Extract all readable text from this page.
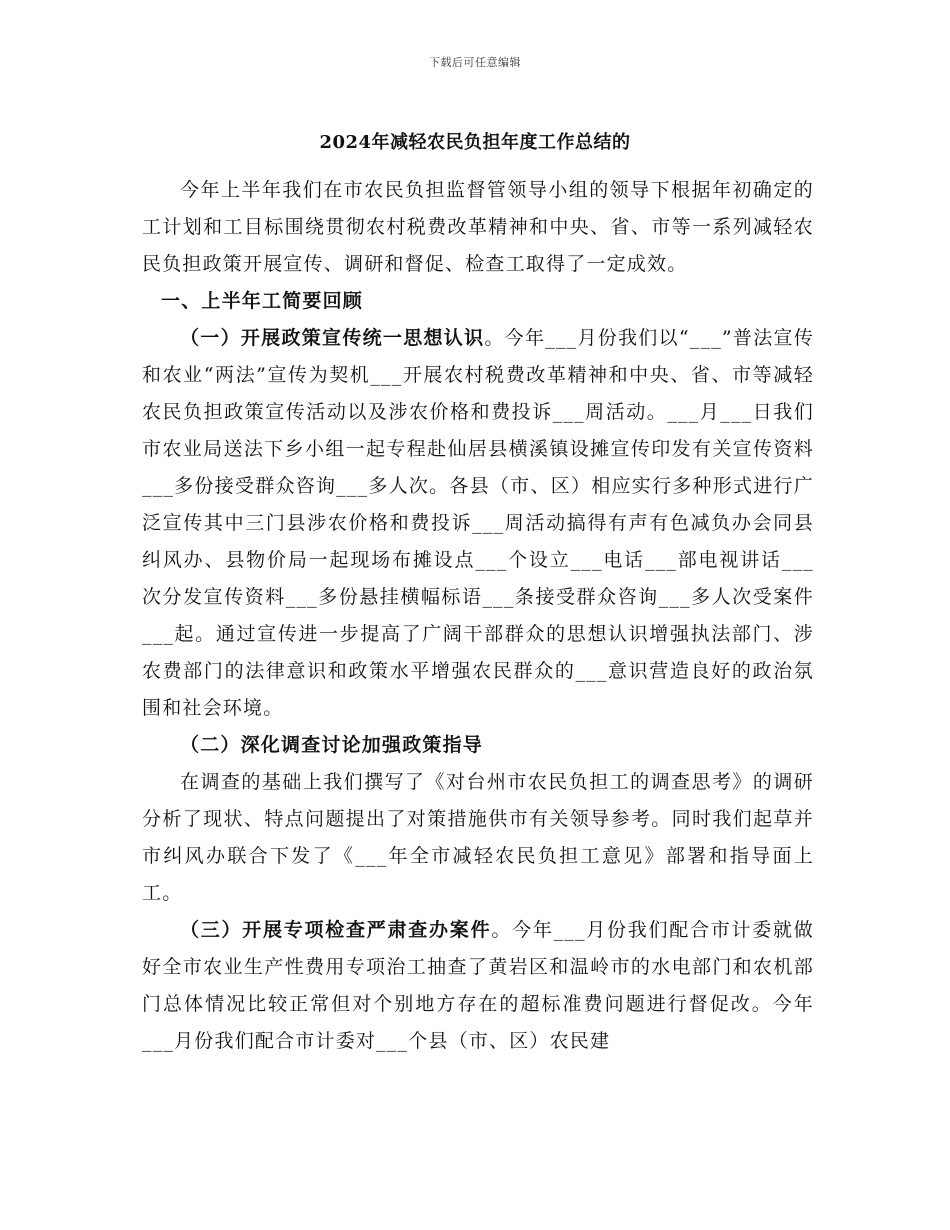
下载后可任意编辑
2024年减轻农民负担年度工作总结的

今年上半年我们在市农民负担监督管领导小组的领导下根据年初确定的工计划和工目标围绕贯彻农村税费改革精神和中央、省、市等一系列减轻农民负担政策开展宣传、调研和督促、检查工取得了一定成效。

一、上半年工简要回顾

（一）开展政策宣传统一思想认识。今年___月份我们以“___”普法宣传和农业“两法”宣传为契机___开展农村税费改革精神和中央、省、市等减轻农民负担政策宣传活动以及涉农价格和费投诉___周活动。___月___日我们市农业局送法下乡小组一起专程赴仙居县横溪镇设摊宣传印发有关宣传资料___多份接受群众咨询___多人次。各县（市、区）相应实行多种形式进行广泛宣传其中三门县涉农价格和费投诉___周活动搞得有声有色减负办会同县纠风办、县物价局一起现场布摊设点___个设立___电话___部电视讲话___次分发宣传资料___多份悬挂横幅标语___条接受群众咨询___多人次受案件___起。通过宣传进一步提高了广阔干部群众的思想认识增强执法部门、涉农费部门的法律意识和政策水平增强农民群众的___意识营造良好的政治氛围和社会环境。

（二）深化调查讨论加强政策指导

在调查的基础上我们撰写了《对台州市农民负担工的调查思考》的调研分析了现状、特点问题提出了对策措施供市有关领导参考。同时我们起草并市纠风办联合下发了《___年全市减轻农民负担工意见》部署和指导面上工。

（三）开展专项检查严肃查办案件。今年___月份我们配合市计委就做好全市农业生产性费用专项治工抽查了黄岩区和温岭市的水电部门和农机部门总体情况比较正常但对个别地方存在的超标准费问题进行督促改。今年___月份我们配合市计委对___个县（市、区）农民建
